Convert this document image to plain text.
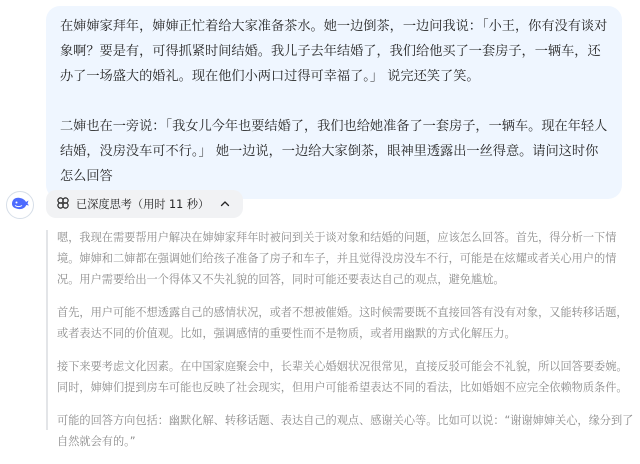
在婶婶家拜年，婶婶正忙着给大家准备茶水。她一边倒茶，一边问我说：「小王，你有没有谈对象啊？要是有，可得抓紧时间结婚。我儿子去年结婚了，我们给他买了一套房子，一辆车，还办了一场盛大的婚礼。现在他们小两口过得可幸福了。」 说完还笑了笑。

二婶也在一旁说：「我女儿今年也要结婚了，我们也给她准备了一套房子，一辆车。现在年轻人结婚，没房没车可不行。」 她一边说，一边给大家倒茶，眼神里透露出一丝得意。请问这时你怎么回答

已深度思考（用时 11 秒）

嗯，我现在需要帮用户解决在婶婶家拜年时被问到关于谈对象和结婚的问题，应该怎么回答。首先，得分析一下情境。婶婶和二婶都在强调她们给孩子准备了房子和车子，并且觉得没房没车不行，可能是在炫耀或者关心用户的情况。用户需要给出一个得体又不失礼貌的回答，同时可能还要表达自己的观点，避免尴尬。

首先，用户可能不想透露自己的感情状况，或者不想被催婚。这时候需要既不直接回答有没有对象，又能转移话题，或者表达不同的价值观。比如，强调感情的重要性而不是物质，或者用幽默的方式化解压力。

接下来要考虑文化因素。在中国家庭聚会中，长辈关心婚姻状况很常见，直接反驳可能会不礼貌，所以回答要委婉。同时，婶婶们提到房车可能也反映了社会现实，但用户可能希望表达不同的看法，比如婚姻不应完全依赖物质条件。

可能的回答方向包括：幽默化解、转移话题、表达自己的观点、感谢关心等。比如可以说：“谢谢婶婶关心，缘分到了自然就会有的。”
